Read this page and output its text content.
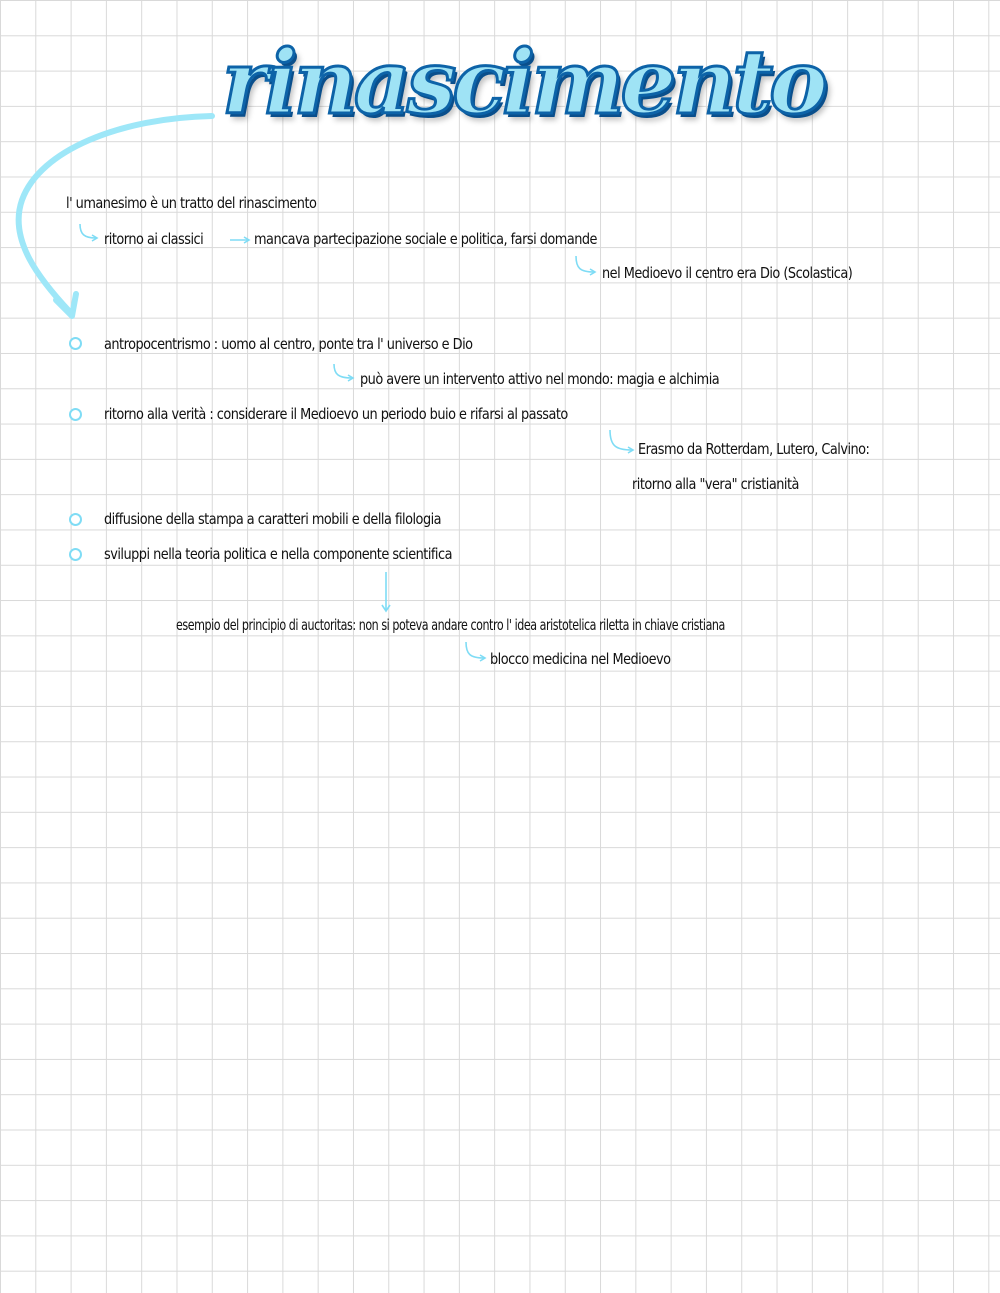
rinascimento
l' umanesimo è un tratto del rinascimento
ritorno ai classici	mancava partecipazione sociale e politica, farsi domande
nel Medioevo il centro era Dio (Scolastica)
antropocentrismo : uomo al centro, ponte tra l' universo e Dio
può avere un intervento attivo nel mondo: magia e alchimia
ritorno alla verità : considerare il Medioevo un periodo buio e rifarsi al passato
Erasmo da Rotterdam, Lutero, Calvino:
ritorno alla "vera" cristianità
diffusione della stampa a caratteri mobili e della filologia
sviluppi nella teoria politica e nella componente scientifica
esempio del principio di auctoritas: non si poteva andare contro l' idea aristotelica riletta in chiave cristiana
blocco medicina nel Medioevo
